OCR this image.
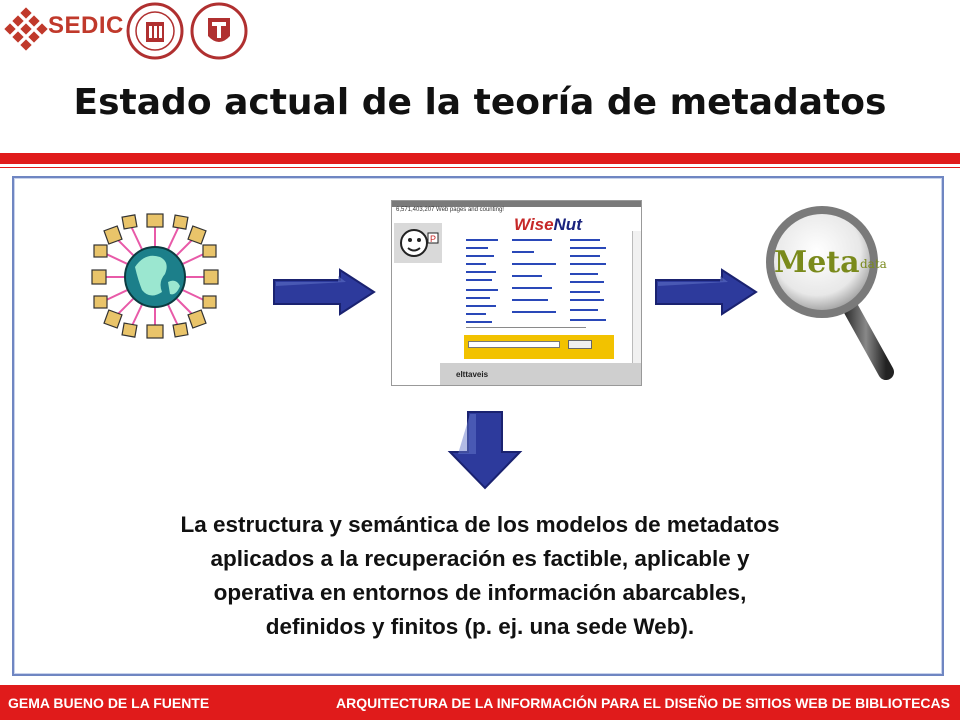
SEDIC
Estado actual de la teoría de metadatos
6,571,403,207 Web pages and counting!
P
WiseNut
elttaveis
Meta data
La estructura y semántica de los modelos de metadatos
aplicados a la recuperación es factible, aplicable y
operativa en entornos de información abarcables,
definidos y finitos (p. ej. una sede Web).
GEMA BUENO DE LA FUENTE	ARQUITECTURA DE LA INFORMACIÓN PARA EL DISEÑO DE SITIOS WEB DE BIBLIOTECAS
